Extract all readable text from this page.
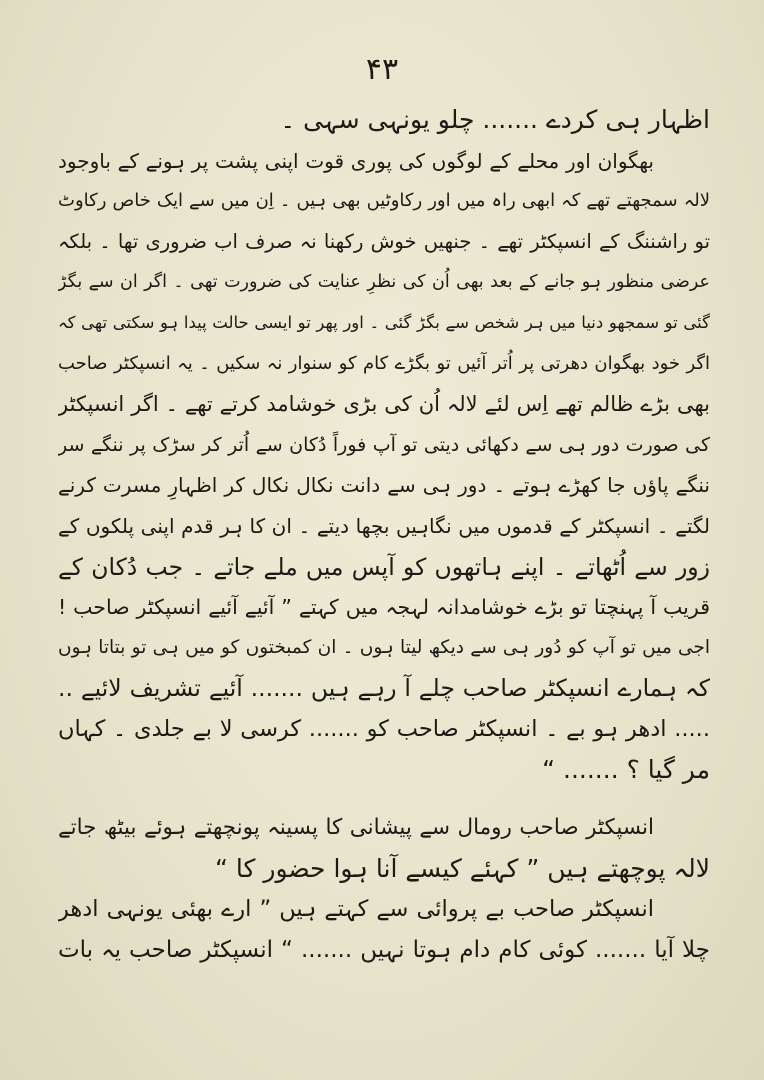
۴۳
اظہار ہی کردے ....... چلو یونہی سہی ۔
بھگوان اور محلے کے لوگوں کی پوری قوت اپنی پشت پر ہونے کے باوجود
لالہ سمجھتے تھے کہ ابھی راہ میں اور رکاوٹیں بھی ہیں ۔ اِن میں سے ایک خاص رکاوٹ
تو راشننگ کے انسپکٹر تھے ۔ جنھیں خوش رکھنا نہ صرف اب ضروری تھا ۔ بلکہ
عرضی منظور ہو جانے کے بعد بھی اُن کی نظرِ عنایت کی ضرورت تھی ۔ اگر ان سے بگڑ
گئی تو سمجھو دنیا میں ہر شخص سے بگڑ گئی ۔ اور پھر تو ایسی حالت پیدا ہو سکتی تھی کہ
اگر خود بھگوان دھرتی پر اُتر آئیں تو بگڑے کام کو سنوار نہ سکیں ۔ یہ انسپکٹر صاحب
بھی بڑے ظالم تھے اِس لئے لالہ اُن کی بڑی خوشامد کرتے تھے ۔ اگر انسپکٹر
کی صورت دور ہی سے دکھائی دیتی تو آپ فوراً دُکان سے اُتر کر سڑک پر ننگے سر
ننگے پاؤں جا کھڑے ہوتے ۔ دور ہی سے دانت نکال نکال کر اظہارِ مسرت کرنے
لگتے ۔ انسپکٹر کے قدموں میں نگاہیں بچھا دیتے ۔ ان کا ہر قدم اپنی پلکوں کے
زور سے اُٹھاتے ۔ اپنے ہاتھوں کو آپس میں ملے جاتے ۔ جب دُکان کے
قریب آ پہنچتا تو بڑے خوشامدانہ لہجہ میں کہتے ” آئیے آئیے انسپکٹر صاحب !
اجی میں تو آپ کو دُور ہی سے دیکھ لیتا ہوں ۔ ان کمبختوں کو میں ہی تو بتاتا ہوں
کہ ہمارے انسپکٹر صاحب چلے آ رہے ہیں ....... آئیے تشریف لائیے ..
..... ادھر ہو بے ۔ انسپکٹر صاحب کو ....... کرسی لا بے جلدی ۔ کہاں
مر گیا ؟ ....... “
انسپکٹر صاحب رومال سے پیشانی کا پسینہ پونچھتے ہوئے بیٹھ جاتے
لالہ پوچھتے ہیں ” کہئے کیسے آنا ہوا حضور کا “
انسپکٹر صاحب بے پروائی سے کہتے ہیں ” ارے بھئی یونہی ادھر
چلا آیا ....... کوئی کام دام ہوتا نہیں ....... “ انسپکٹر صاحب یہ بات
